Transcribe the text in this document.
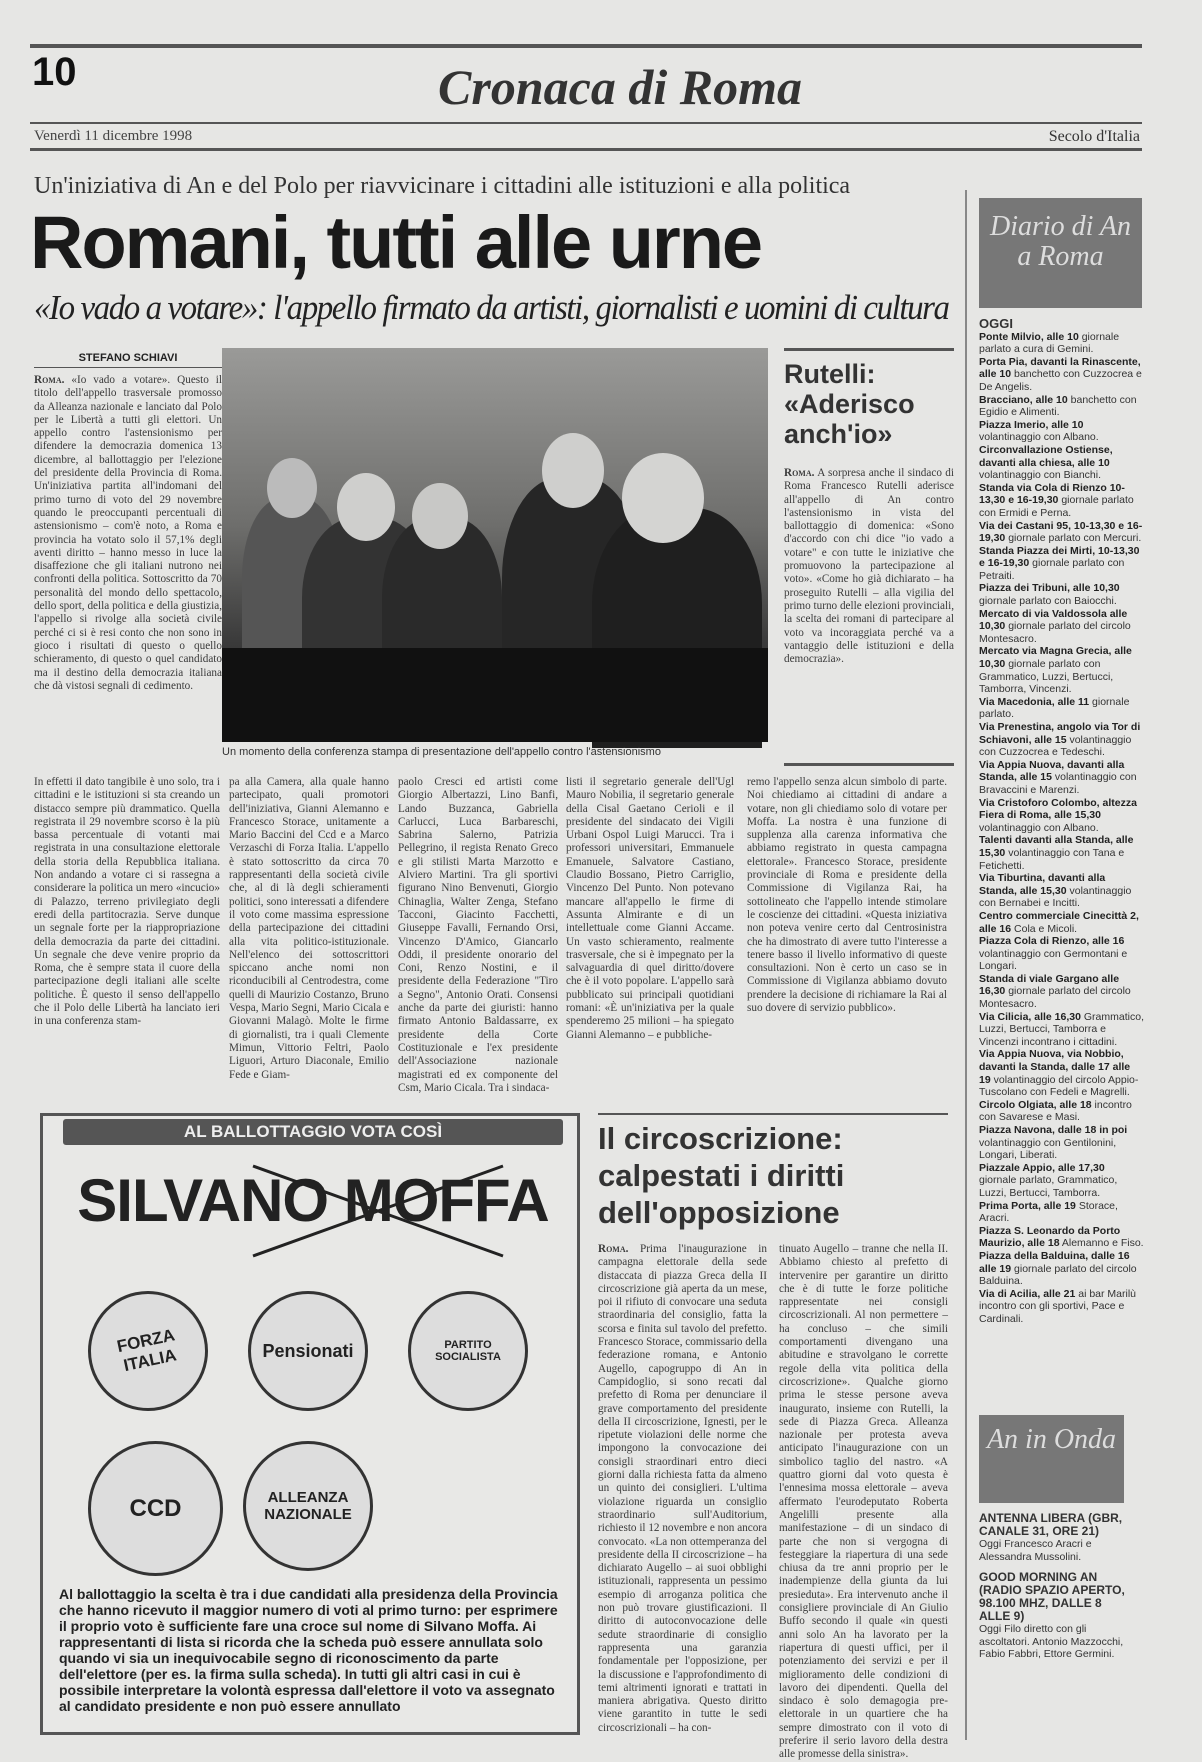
10	Cronaca di Roma
Venerdì 11 dicembre 1998	Secolo d'Italia
Un'iniziativa di An e del Polo per riavvicinare i cittadini alle istituzioni e alla politica
Romani, tutti alle urne
«Io vado a votare»: l'appello firmato da artisti, giornalisti e uomini di cultura
STEFANO SCHIAVI
Roma. «Io vado a votare». Questo il titolo dell'appello trasversale promosso da Alleanza nazionale e lanciato dal Polo per le Libertà a tutti gli elettori. Un appello contro l'astensionismo per difendere la democrazia domenica 13 dicembre, al ballottaggio per l'elezione del presidente della Provincia di Roma. Un'iniziativa partita all'indomani del primo turno di voto del 29 novembre quando le preoccupanti percentuali di astensionismo – com'è noto, a Roma e provincia ha votato solo il 57,1% degli aventi diritto – hanno messo in luce la disaffezione che gli italiani nutrono nei confronti della politica. Sottoscritto da 70 personalità del mondo dello spettacolo, dello sport, della politica e della giustizia, l'appello si rivolge alla società civile perché ci si è resi conto che non sono in gioco i risultati di questo o quello schieramento, di questo o quel candidato ma il destino della democrazia italiana che dà vistosi segnali di cedimento.
Un momento della conferenza stampa di presentazione dell'appello contro l'astensionismo
Rutelli: «Aderisco anch'io»
Roma. A sorpresa anche il sindaco di Roma Francesco Rutelli aderisce all'appello di An contro l'astensionismo in vista del ballottaggio di domenica: «Sono d'accordo con chi dice "io vado a votare" e con tutte le iniziative che promuovono la partecipazione al voto». «Come ho già dichiarato – ha proseguito Rutelli – alla vigilia del primo turno delle elezioni provinciali, la scelta dei romani di partecipare al voto va incoraggiata perché va a vantaggio delle istituzioni e della democrazia».
In effetti il dato tangibile è uno solo, tra i cittadini e le istituzioni si sta creando un distacco sempre più drammatico. Quella registrata il 29 novembre scorso è la più bassa percentuale di votanti mai registrata in una consultazione elettorale della storia della Repubblica italiana. Non andando a votare ci si rassegna a considerare la politica un mero «incucio» di Palazzo, terreno privilegiato degli eredi della partitocrazia. Serve dunque un segnale forte per la riappropriazione della democrazia da parte dei cittadini. Un segnale che deve venire proprio da Roma, che è sempre stata il cuore della partecipazione degli italiani alle scelte politiche. È questo il senso dell'appello che il Polo delle Libertà ha lanciato ieri in una conferenza stam-
pa alla Camera, alla quale hanno partecipato, quali promotori dell'iniziativa, Gianni Alemanno e Francesco Storace, unitamente a Mario Baccini del Ccd e a Marco Verzaschi di Forza Italia. L'appello è stato sottoscritto da circa 70 rappresentanti della società civile che, al di là degli schieramenti politici, sono interessati a difendere il voto come massima espressione della partecipazione dei cittadini alla vita politico-istituzionale. Nell'elenco dei sottoscrittori spiccano anche nomi non riconducibili al Centrodestra, come quelli di Maurizio Costanzo, Bruno Vespa, Mario Segni, Mario Cicala e Giovanni Malagò. Molte le firme di giornalisti, tra i quali Clemente Mimun, Vittorio Feltri, Paolo Liguori, Arturo Diaconale, Emilio Fede e Giam-
paolo Cresci ed artisti come Giorgio Albertazzi, Lino Banfi, Lando Buzzanca, Gabriella Carlucci, Luca Barbareschi, Sabrina Salerno, Patrizia Pellegrino, il regista Renato Greco e gli stilisti Marta Marzotto e Alviero Martini. Tra gli sportivi figurano Nino Benvenuti, Giorgio Chinaglia, Walter Zenga, Stefano Tacconi, Giacinto Facchetti, Giuseppe Favalli, Fernando Orsi, Vincenzo D'Amico, Giancarlo Oddi, il presidente onorario del Coni, Renzo Nostini, e il presidente della Federazione "Tiro a Segno", Antonio Orati. Consensi anche da parte dei giuristi: hanno firmato Antonio Baldassarre, ex presidente della Corte Costituzionale e l'ex presidente dell'Associazione nazionale magistrati ed ex componente del Csm, Mario Cicala. Tra i sindaca-
listi il segretario generale dell'Ugl Mauro Nobilia, il segretario generale della Cisal Gaetano Cerioli e il presidente del sindacato dei Vigili Urbani Ospol Luigi Marucci. Tra i professori universitari, Emmanuele Emanuele, Salvatore Castiano, Claudio Bossano, Pietro Carriglio, Vincenzo Del Punto. Non potevano mancare all'appello le firme di Assunta Almirante e di un intellettuale come Gianni Accame. Un vasto schieramento, realmente trasversale, che si è impegnato per la salvaguardia di quel diritto/dovere che è il voto popolare. L'appello sarà pubblicato sui principali quotidiani romani: «È un'iniziativa per la quale spenderemo 25 milioni – ha spiegato Gianni Alemanno – e pubbliche-
remo l'appello senza alcun simbolo di parte. Noi chiediamo ai cittadini di andare a votare, non gli chiediamo solo di votare per Moffa. La nostra è una funzione di supplenza alla carenza informativa che abbiamo registrato in questa campagna elettorale». Francesco Storace, presidente provinciale di Roma e presidente della Commissione di Vigilanza Rai, ha sottolineato che l'appello intende stimolare le coscienze dei cittadini. «Questa iniziativa non poteva venire certo dal Centrosinistra che ha dimostrato di avere tutto l'interesse a tenere basso il livello informativo di queste consultazioni. Non è certo un caso se in Commissione di Vigilanza abbiamo dovuto prendere la decisione di richiamare la Rai al suo dovere di servizio pubblico».
AL BALLOTTAGGIO VOTA COSÌ
SILVANO MOFFA
FORZA ITALIA	Pensionati	PARTITO SOCIALISTA
CCD	ALLEANZA NAZIONALE
Al ballottaggio la scelta è tra i due candidati alla presidenza della Provincia che hanno ricevuto il maggior numero di voti al primo turno: per esprimere il proprio voto è sufficiente fare una croce sul nome di Silvano Moffa. Ai rappresentanti di lista si ricorda che la scheda può essere annullata solo quando vi sia un inequivocabile segno di riconoscimento da parte dell'elettore (per es. la firma sulla scheda). In tutti gli altri casi in cui è possibile interpretare la volontà espressa dall'elettore il voto va assegnato al candidato presidente e non può essere annullato
Il circoscrizione: calpestati i diritti dell'opposizione
Roma. Prima l'inaugurazione in campagna elettorale della sede distaccata di piazza Greca della II circoscrizione già aperta da un mese, poi il rifiuto di convocare una seduta straordinaria del consiglio, fatta la scorsa e finita sul tavolo del prefetto. Francesco Storace, commissario della federazione romana, e Antonio Augello, capogruppo di An in Campidoglio, si sono recati dal prefetto di Roma per denunciare il grave comportamento del presidente della II circoscrizione, Ignesti, per le ripetute violazioni delle norme che impongono la convocazione dei consigli straordinari entro dieci giorni dalla richiesta fatta da almeno un quinto dei consiglieri. L'ultima violazione riguarda un consiglio straordinario sull'Auditorium, richiesto il 12 novembre e non ancora convocato. «La non ottemperanza del presidente della II circoscrizione – ha dichiarato Augello – ai suoi obblighi istituzionali, rappresenta un pessimo esempio di arroganza politica che non può trovare giustificazioni. Il diritto di autoconvocazione delle sedute straordinarie di consiglio rappresenta una garanzia fondamentale per l'opposizione, per la discussione e l'approfondimento di temi altrimenti ignorati e trattati in maniera abrigativa. Questo diritto viene garantito in tutte le sedi circoscrizionali – ha con-
tinuato Augello – tranne che nella II. Abbiamo chiesto al prefetto di intervenire per garantire un diritto che è di tutte le forze politiche rappresentate nei consigli circoscrizionali. Al non permettere – ha concluso – che simili comportamenti divengano una abitudine e stravolgano le corrette regole della vita politica della circoscrizione». Qualche giorno prima le stesse persone aveva inaugurato, insieme con Rutelli, la sede di Piazza Greca. Alleanza nazionale per protesta aveva anticipato l'inaugurazione con un simbolico taglio del nastro. «A quattro giorni dal voto questa è l'ennesima mossa elettorale – aveva affermato l'eurodeputato Roberta Angelilli presente alla manifestazione – di un sindaco di parte che non si vergogna di festeggiare la riapertura di una sede chiusa da tre anni proprio per le inadempienze della giunta da lui presieduta». Era intervenuto anche il consigliere provinciale di An Giulio Buffo secondo il quale «in questi anni solo An ha lavorato per la riapertura di questi uffici, per il potenziamento dei servizi e per il miglioramento delle condizioni di lavoro dei dipendenti. Quella del sindaco è solo demagogia pre-elettorale in un quartiere che ha sempre dimostrato con il voto di preferire il serio lavoro della destra alle promesse della sinistra».
Diario di An a Roma
OGGI
Ponte Milvio, alle 10 giornale parlato a cura di Gemini.
Porta Pia, davanti la Rinascente, alle 10 banchetto con Cuzzocrea e De Angelis.
Bracciano, alle 10 banchetto con Egidio e Alimenti.
Piazza Imerio, alle 10 volantinaggio con Albano.
Circonvallazione Ostiense, davanti alla chiesa, alle 10 volantinaggio con Bianchi.
Standa via Cola di Rienzo 10-13,30 e 16-19,30 giornale parlato con Ermidi e Perna.
Via dei Castani 95, 10-13,30 e 16-19,30 giornale parlato con Mercuri.
Standa Piazza dei Mirti, 10-13,30 e 16-19,30 giornale parlato con Petraiti.
Piazza dei Tribuni, alle 10,30 giornale parlato con Baiocchi.
Mercato di via Valdossola alle 10,30 giornale parlato del circolo Montesacro.
Mercato via Magna Grecia, alle 10,30 giornale parlato con Grammatico, Luzzi, Bertucci, Tamborra, Vincenzi.
Via Macedonia, alle 11 giornale parlato.
Via Prenestina, angolo via Tor di Schiavoni, alle 15 volantinaggio con Cuzzocrea e Tedeschi.
Via Appia Nuova, davanti alla Standa, alle 15 volantinaggio con Bravaccini e Marenzi.
Via Cristoforo Colombo, altezza Fiera di Roma, alle 15,30 volantinaggio con Albano.
Talenti davanti alla Standa, alle 15,30 volantinaggio con Tana e Fetichetti.
Via Tiburtina, davanti alla Standa, alle 15,30 volantinaggio con Bernabei e Incitti.
Centro commerciale Cinecittà 2, alle 16 Cola e Micoli.
Piazza Cola di Rienzo, alle 16 volantinaggio con Germontani e Longari.
Standa di viale Gargano alle 16,30 giornale parlato del circolo Montesacro.
Via Cilicia, alle 16,30 Grammatico, Luzzi, Bertucci, Tamborra e Vincenzi incontrano i cittadini.
Via Appia Nuova, via Nobbio, davanti la Standa, dalle 17 alle 19 volantinaggio del circolo Appio-Tuscolano con Fedeli e Magrelli.
Circolo Olgiata, alle 18 incontro con Savarese e Masi.
Piazza Navona, dalle 18 in poi volantinaggio con Gentilonini, Longari, Liberati.
Piazzale Appio, alle 17,30 giornale parlato, Grammatico, Luzzi, Bertucci, Tamborra.
Prima Porta, alle 19 Storace, Aracri.
Piazza S. Leonardo da Porto Maurizio, alle 18 Alemanno e Fiso.
Piazza della Balduina, dalle 16 alle 19 giornale parlato del circolo Balduina.
Via di Acilia, alle 21 ai bar Marilù incontro con gli sportivi, Pace e Cardinali.
An in Onda
ANTENNA LIBERA (GBR, CANALE 31, ORE 21)
Oggi Francesco Aracri e Alessandra Mussolini.
GOOD MORNING AN (RADIO SPAZIO APERTO, 98.100 MHZ, DALLE 8 ALLE 9)
Oggi Filo diretto con gli ascoltatori. Antonio Mazzocchi, Fabio Fabbri, Ettore Germini.
